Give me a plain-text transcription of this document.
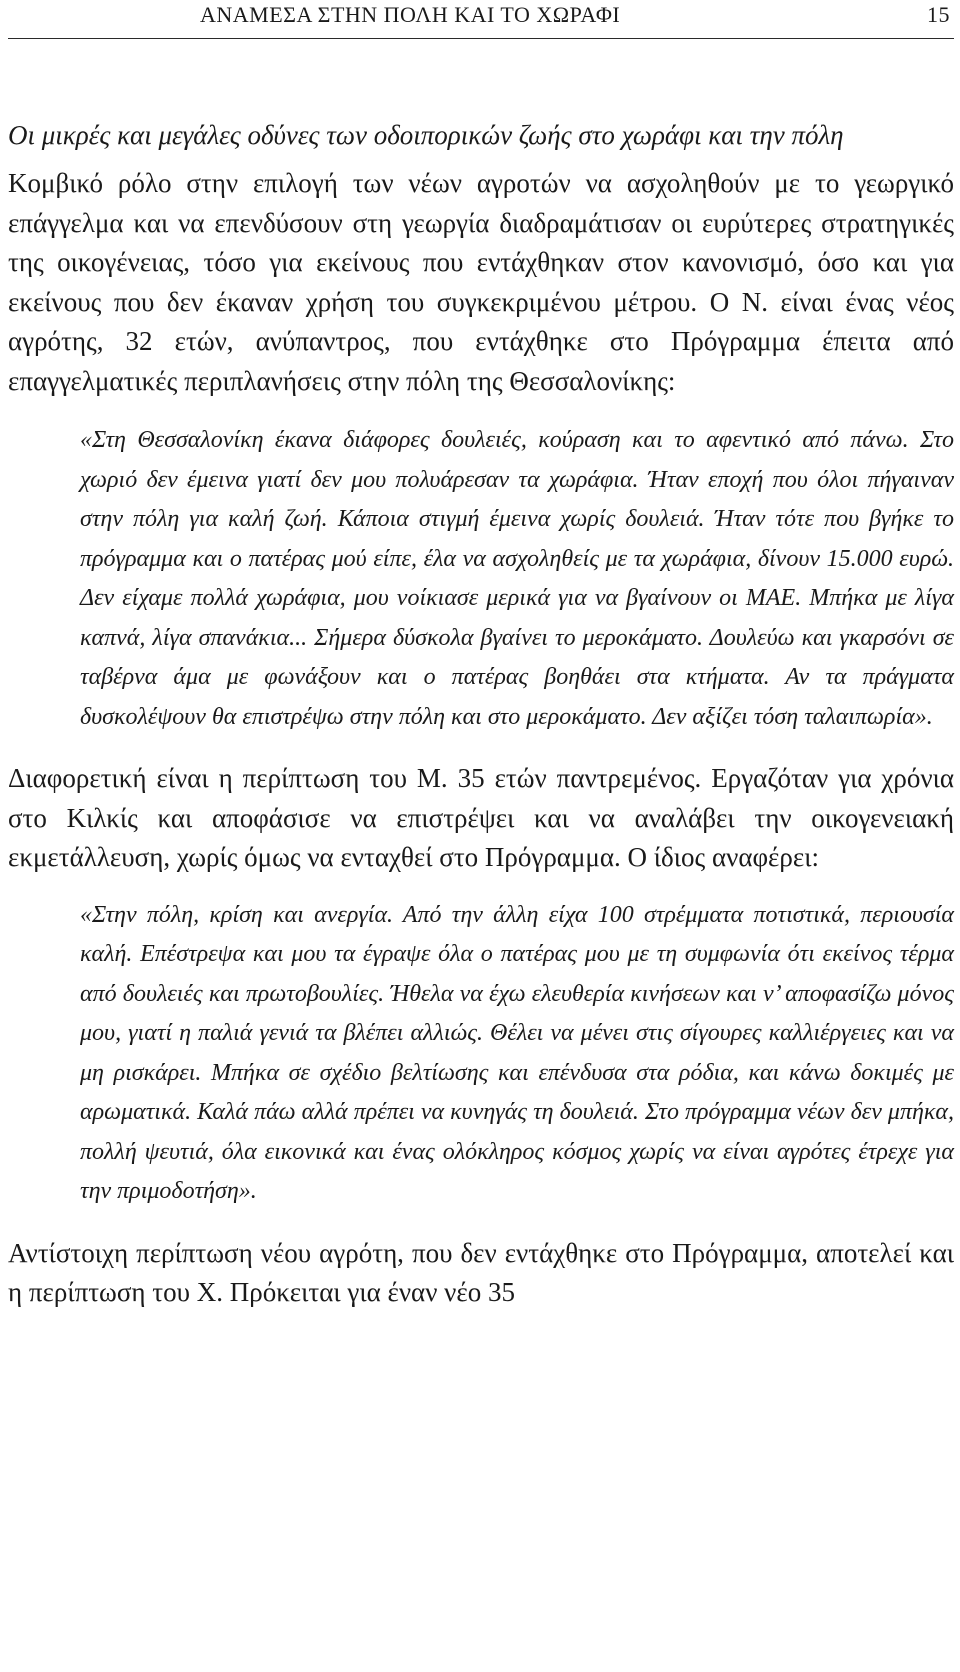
ΑΝΑΜΕΣΑ ΣΤΗΝ ΠΟΛΗ ΚΑΙ ΤΟ ΧΩΡΑΦΙ	15
Οι μικρές και μεγάλες οδύνες των οδοιπορικών ζωής στο χωράφι και την πόλη

Κομβικό ρόλο στην επιλογή των νέων αγροτών να ασχοληθούν με το γεωργικό επάγγελμα και να επενδύσουν στη γεωργία διαδραμάτισαν οι ευρύτερες στρατηγικές της οικογένειας, τόσο για εκείνους που εντάχθηκαν στον κανονισμό, όσο και για εκείνους που δεν έκαναν χρήση του συγκεκριμένου μέτρου. Ο Ν. είναι ένας νέος αγρότης, 32 ετών, ανύπαντρος, που εντάχθηκε στο Πρόγραμμα έπειτα από επαγγελματικές περιπλανήσεις στην πόλη της Θεσσαλονίκης:

«Στη Θεσσαλονίκη έκανα διάφορες δουλειές, κούραση και το αφεντικό από πάνω. Στο χωριό δεν έμεινα γιατί δεν μου πολυάρεσαν τα χωράφια. Ήταν εποχή που όλοι πήγαιναν στην πόλη για καλή ζωή. Κάποια στιγμή έμεινα χωρίς δουλειά. Ήταν τότε που βγήκε το πρόγραμμα και ο πατέρας μού είπε, έλα να ασχοληθείς με τα χωράφια, δίνουν 15.000 ευρώ. Δεν είχαμε πολλά χωράφια, μου νοίκιασε μερικά για να βγαίνουν οι ΜΑΕ. Μπήκα με λίγα καπνά, λίγα σπανάκια... Σήμερα δύσκολα βγαίνει το μεροκάματο. Δουλεύω και γκαρσόνι σε ταβέρνα άμα με φωνάξουν και ο πατέρας βοηθάει στα κτήματα. Αν τα πράγματα δυσκολέψουν θα επιστρέψω στην πόλη και στο μεροκάματο. Δεν αξίζει τόση ταλαιπωρία».

Διαφορετική είναι η περίπτωση του Μ. 35 ετών παντρεμένος. Εργαζόταν για χρόνια στο Κιλκίς και αποφάσισε να επιστρέψει και να αναλάβει την οικογενειακή εκμετάλλευση, χωρίς όμως να ενταχθεί στο Πρόγραμμα. Ο ίδιος αναφέρει:

«Στην πόλη, κρίση και ανεργία. Από την άλλη είχα 100 στρέμματα ποτιστικά, περιουσία καλή. Επέστρεψα και μου τα έγραψε όλα ο πατέρας μου με τη συμφωνία ότι εκείνος τέρμα από δουλειές και πρωτοβουλίες. Ήθελα να έχω ελευθερία κινήσεων και ν’ αποφασίζω μόνος μου, γιατί η παλιά γενιά τα βλέπει αλλιώς. Θέλει να μένει στις σίγουρες καλλιέργειες και να μη ρισκάρει. Μπήκα σε σχέδιο βελτίωσης και επένδυσα στα ρόδια, και κάνω δοκιμές με αρωματικά. Καλά πάω αλλά πρέπει να κυνηγάς τη δουλειά. Στο πρόγραμμα νέων δεν μπήκα, πολλή ψευτιά, όλα εικονικά και ένας ολόκληρος κόσμος χωρίς να είναι αγρότες έτρεχε για την πριμοδοτήση».

Αντίστοιχη περίπτωση νέου αγρότη, που δεν εντάχθηκε στο Πρόγραμμα, αποτελεί και η περίπτωση του Χ. Πρόκειται για έναν νέο 35
